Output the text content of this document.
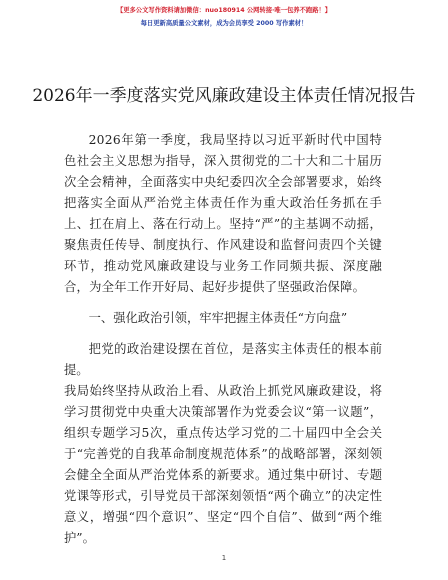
【更多公文写作资料请加微信：nuo180914 公网转接·唯一包养不跑路！】
每日更新高质量公文素材，成为会员享受 2000 写作素材！
2026年一季度落实党风廉政建设主体责任情况报告

2026年第一季度，我局坚持以习近平新时代中国特色社会主义思想为指导，深入贯彻党的二十大和二十届历次全会精神，全面落实中央纪委四次全会部署要求，始终把落实全面从严治党主体责任作为重大政治任务抓在手上、扛在肩上、落在行动上。坚持“严”的主基调不动摇，聚焦责任传导、制度执行、作风建设和监督问责四个关键环节，推动党风廉政建设与业务工作同频共振、深度融合，为全年工作开好局、起好步提供了坚强政治保障。

一、强化政治引领，牢牢把握主体责任“方向盘”

把党的政治建设摆在首位，是落实主体责任的根本前提。

我局始终坚持从政治上看、从政治上抓党风廉政建设，将学习贯彻党中央重大决策部署作为党委会议“第一议题”，组织专题学习5次，重点传达学习党的二十届四中全会关于“完善党的自我革命制度规范体系”的战略部署，深刻领会健全全面从严治党体系的新要求。通过集中研讨、专题党课等形式，引导党员干部深刻领悟“两个确立”的决定性意义，增强“四个意识”、坚定“四个自信”、做到“两个维护”。

1
